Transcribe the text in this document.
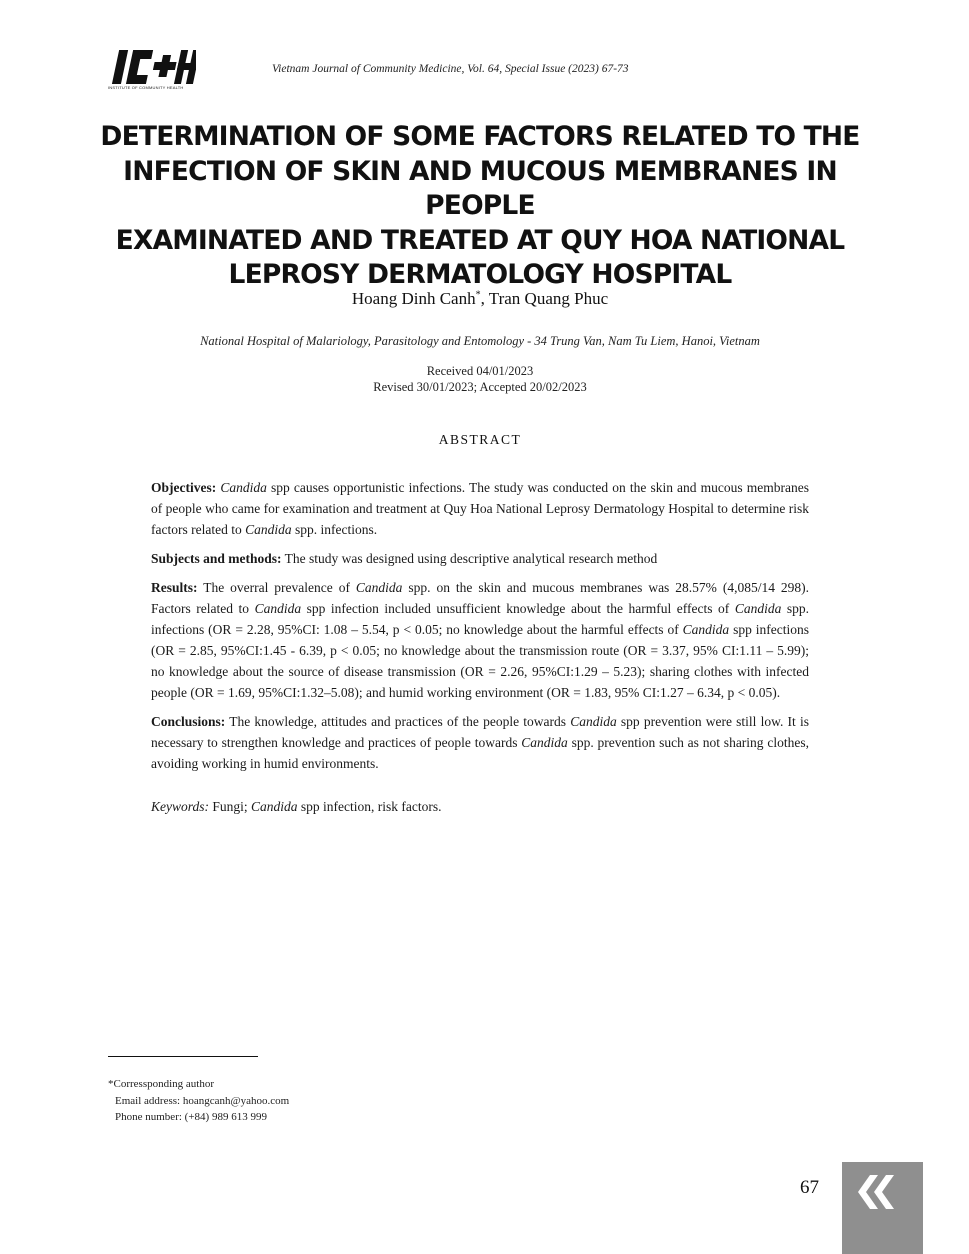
INSTITUTE OF COMMUNITY HEALTH
Vietnam Journal of Community Medicine, Vol. 64, Special Issue (2023) 67-73
DETERMINATION OF SOME FACTORS RELATED TO THE
INFECTION OF SKIN AND MUCOUS MEMBRANES IN PEOPLE
EXAMINATED AND TREATED AT QUY HOA NATIONAL
LEPROSY DERMATOLOGY HOSPITAL
Hoang Dinh Canh*, Tran Quang Phuc
National Hospital of Malariology, Parasitology and Entomology - 34 Trung Van, Nam Tu Liem, Hanoi, Vietnam
Received 04/01/2023
Revised 30/01/2023; Accepted 20/02/2023
ABSTRACT

Objectives: Candida spp causes opportunistic infections. The study was conducted on the skin and mucous membranes of people who came for examination and treatment at Quy Hoa National Leprosy Dermatology Hospital to determine risk factors related to Candida spp. infections.

Subjects and methods: The study was designed using descriptive analytical research method

Results: The overral prevalence of Candida spp. on the skin and mucous membranes was 28.57% (4,085/14 298). Factors related to Candida spp infection included unsufficient knowledge about the harmful effects of Candida spp. infections (OR = 2.28, 95%CI: 1.08 – 5.54, p < 0.05; no knowledge about the harmful effects of Candida spp infections (OR = 2.85, 95%CI:1.45 - 6.39, p < 0.05; no knowledge about the transmission route (OR = 3.37, 95% CI:1.11 – 5.99); no knowledge about the source of disease transmission (OR = 2.26, 95%CI:1.29 – 5.23); sharing clothes with infected people (OR = 1.69, 95%CI:1.32–5.08); and humid working environment (OR = 1.83, 95% CI:1.27 – 6.34, p < 0.05).

Conclusions: The knowledge, attitudes and practices of the people towards Candida spp prevention were still low. It is necessary to strengthen knowledge and practices of people towards Candida spp. prevention such as not sharing clothes, avoiding working in humid environments.

Keywords: Fungi; Candida spp infection, risk factors.

*Corressponding author
Email address: hoangcanh@yahoo.com
Phone number: (+84) 989 613 999
67
